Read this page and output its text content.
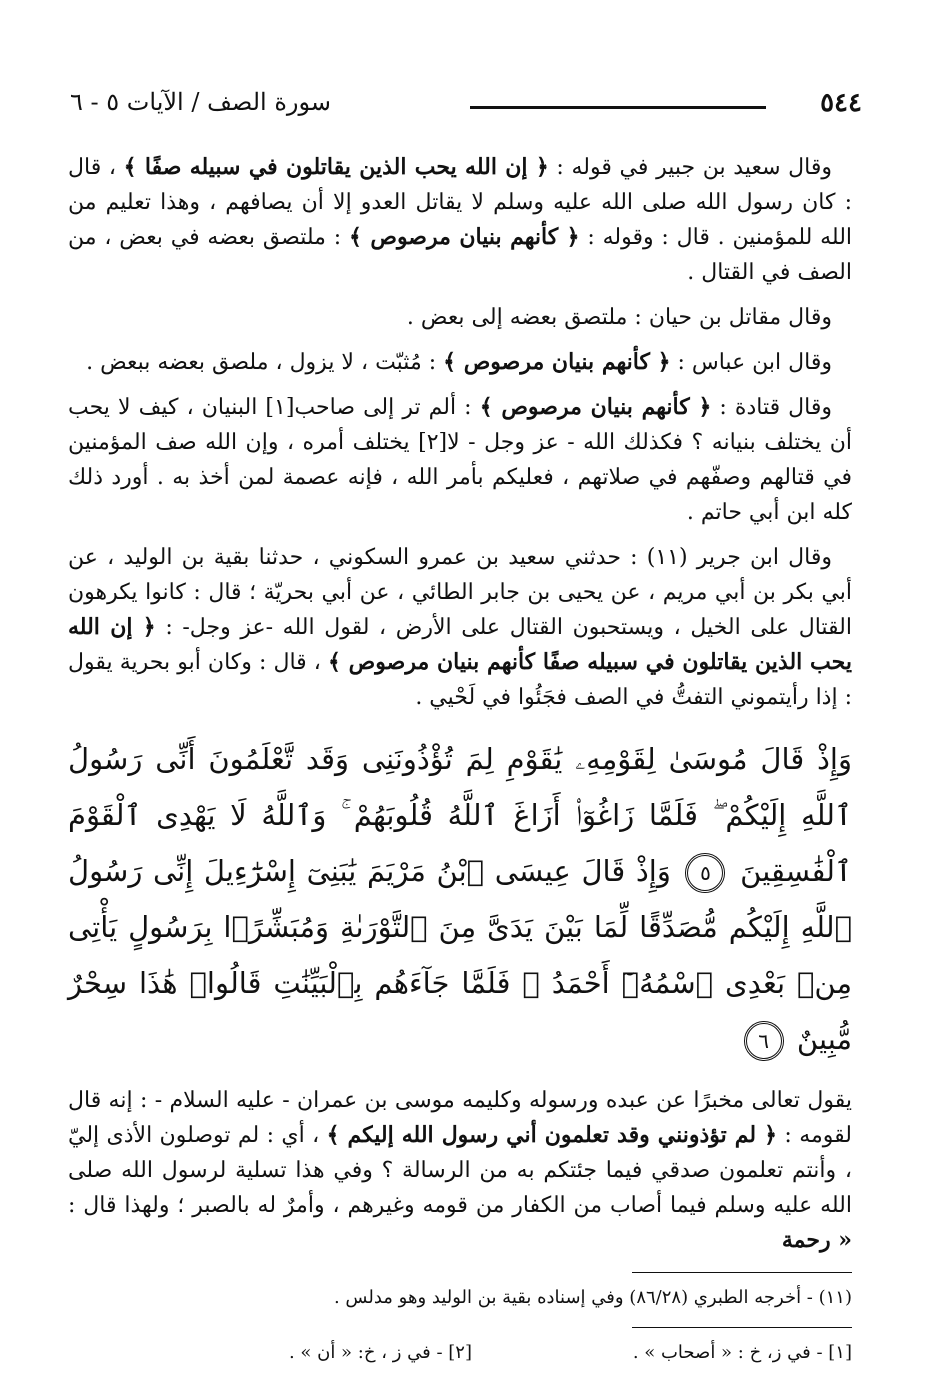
٥٤٤
سورة الصف / الآيات ٥ - ٦

وقال سعيد بن جبير في قوله : ﴿ إن الله يحب الذين يقاتلون في سبيله صفًا ﴾ ، قال : كان رسول الله صلى الله عليه وسلم لا يقاتل العدو إلا أن يصافهم ، وهذا تعليم من الله للمؤمنين . قال : وقوله : ﴿ كأنهم بنيان مرصوص ﴾ : ملتصق بعضه في بعض ، من الصف في القتال .

وقال مقاتل بن حيان : ملتصق بعضه إلى بعض .

وقال ابن عباس : ﴿ كأنهم بنيان مرصوص ﴾ : مُثبّت ، لا يزول ، ملصق بعضه ببعض .

وقال قتادة : ﴿ كأنهم بنيان مرصوص ﴾ : ألم تر إلى صاحب[١] البنيان ، كيف لا يحب أن يختلف بنيانه ؟ فكذلك الله - عز وجل - لا[٢] يختلف أمره ، وإن الله صف المؤمنين في قتالهم وصفّهم في صلاتهم ، فعليكم بأمر الله ، فإنه عصمة لمن أخذ به . أورد ذلك كله ابن أبي حاتم .

وقال ابن جرير (١١) : حدثني سعيد بن عمرو السكوني ، حدثنا بقية بن الوليد ، عن أبي بكر بن أبي مريم ، عن يحيى بن جابر الطائي ، عن أبي بحريّة ؛ قال : كانوا يكرهون القتال على الخيل ، ويستحبون القتال على الأرض ، لقول الله -عز وجل- : ﴿ إن الله يحب الذين يقاتلون في سبيله صفًا كأنهم بنيان مرصوص ﴾ ، قال : وكان أبو بحرية يقول : إذا رأيتموني التفتُّ في الصف فجَئُوا في لَحْيي .

وَإِذْ قَالَ مُوسَىٰ لِقَوْمِهِۦ يَٰقَوْمِ لِمَ تُؤْذُونَنِى وَقَد تَّعْلَمُونَ أَنِّى رَسُولُ ٱللَّهِ إِلَيْكُمْ ۖ فَلَمَّا زَاغُوٓا۟ أَزَاغَ ٱللَّهُ قُلُوبَهُمْ ۚ وَٱللَّهُ لَا يَهْدِى ٱلْقَوْمَ ٱلْفَٰسِقِينَ ٥ وَإِذْ قَالَ عِيسَى ٱبْنُ مَرْيَمَ يَٰبَنِىٓ إِسْرَٰٓءِيلَ إِنِّى رَسُولُ ٱللَّهِ إِلَيْكُم مُّصَدِّقًا لِّمَا بَيْنَ يَدَىَّ مِنَ ٱلتَّوْرَىٰةِ وَمُبَشِّرًۢا بِرَسُولٍ يَأْتِى مِنۢ بَعْدِى ٱسْمُهُۥٓ أَحْمَدُ ۖ فَلَمَّا جَآءَهُم بِٱلْبَيِّنَٰتِ قَالُوا۟ هَٰذَا سِحْرٌ مُّبِينٌ ٦

يقول تعالى مخبرًا عن عبده ورسوله وكليمه موسى بن عمران - عليه السلام - : إنه قال لقومه : ﴿ لم تؤذونني وقد تعلمون أني رسول الله إليكم ﴾ ، أي : لم توصلون الأذى إليّ ، وأنتم تعلمون صدقي فيما جئتكم به من الرسالة ؟ وفي هذا تسلية لرسول الله صلى الله عليه وسلم فيما أصاب من الكفار من قومه وغيرهم ، وأمرٌ له بالصبر ؛ ولهذا قال : « رحمة

(١١) - أخرجه الطبري (٨٦/٢٨) وفي إسناده بقية بن الوليد وهو مدلس .
[١] - في ز، خ : « أصحاب » .
[٢] - في ز ، خ: « أن » .
